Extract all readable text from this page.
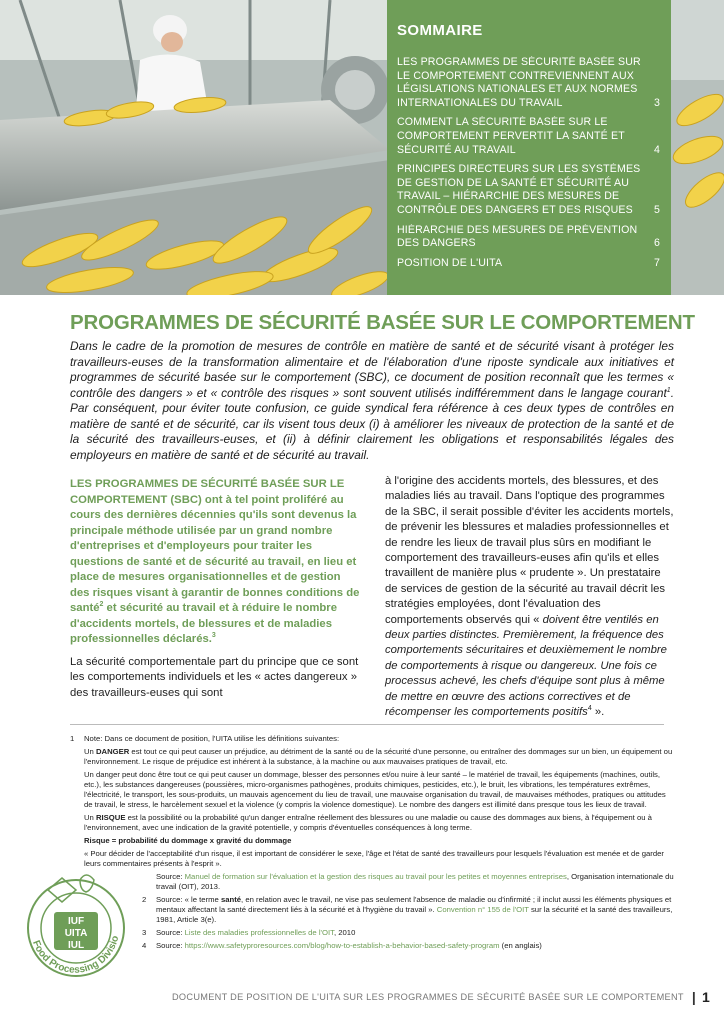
SOMMAIRE
LES PROGRAMMES DE SÉCURITÉ BASÉE SUR LE COMPORTEMENT CONTREVIENNENT AUX LÉGISLATIONS NATIONALES ET AUX NORMES INTERNATIONALES DU TRAVAIL	3
COMMENT LA SÉCURITÉ BASÉE SUR LE COMPORTEMENT PERVERTIT LA SANTÉ ET SÉCURITÉ AU TRAVAIL	4
PRINCIPES DIRECTEURS SUR LES SYSTÈMES DE GESTION DE LA SANTÉ ET SÉCURITÉ AU TRAVAIL – HIÉRARCHIE DES MESURES DE CONTRÔLE DES DANGERS ET DES RISQUES	5
HIÉRARCHIE DES MESURES DE PRÉVENTION DES DANGERS	6
POSITION DE L'UITA	7
PROGRAMMES DE SÉCURITÉ BASÉE SUR LE COMPORTEMENT

Dans le cadre de la promotion de mesures de contrôle en matière de santé et de sécurité visant à protéger les travailleurs-euses de la transformation alimentaire et de l'élaboration d'une riposte syndicale aux initiatives et programmes de sécurité basée sur le comportement (SBC), ce document de position reconnaît que les termes « contrôle des dangers » et « contrôle des risques » sont souvent utilisés indifféremment dans le langage courant$^1$. Par conséquent, pour éviter toute confusion, ce guide syndical fera référence à ces deux types de contrôles en matière de santé et de sécurité, car ils visent tous deux (i) à améliorer les niveaux de protection de la santé et de la sécurité des travailleurs-euses, et (ii) à définir clairement les obligations et responsabilités légales des employeurs en matière de santé et de sécurité au travail.

LES PROGRAMMES DE SÉCURITÉ BASÉE SUR LE COMPORTEMENT (SBC) ont à tel point proliféré au cours des dernières décennies qu'ils sont devenus la principale méthode utilisée par un grand nombre d'entreprises et d'employeurs pour traiter les questions de santé et de sécurité au travail, en lieu et place de mesures organisationnelles et de gestion des risques visant à garantir de bonnes conditions de santé$^2$ et sécurité au travail et à réduire le nombre d'accidents mortels, de blessures et de maladies professionnelles déclarés.$^3$

La sécurité comportementale part du principe que ce sont les comportements individuels et les « actes dangereux » des travailleurs-euses qui sont

à l'origine des accidents mortels, des blessures, et des maladies liés au travail. Dans l'optique des programmes de la SBC, il serait possible d'éviter les accidents mortels, de prévenir les blessures et maladies professionnelles et de rendre les lieux de travail plus sûrs en modifiant le comportement des travailleurs-euses afin qu'ils et elles travaillent de manière plus « prudente ». Un prestataire de services de gestion de la sécurité au travail décrit les stratégies employées, dont l'évaluation des comportements observés qui « doivent être ventilés en deux parties distinctes. Premièrement, la fréquence des comportements sécuritaires et deuxièmement le nombre de comportements à risque ou dangereux. Une fois ce processus achevé, les chefs d'équipe sont plus à même de mettre en œuvre des actions correctives et de récompenser les comportements positifs$^4$ ».

1	Note: Dans ce document de position, l'UITA utilise les définitions suivantes:
Un DANGER est tout ce qui peut causer un préjudice, au détriment de la santé ou de la sécurité d'une personne, ou entraîner des dommages sur un bien, un équipement ou l'environnement. Le risque de préjudice est inhérent à la substance, à la machine ou aux mauvaises pratiques de travail, etc.
Un danger peut donc être tout ce qui peut causer un dommage, blesser des personnes et/ou nuire à leur santé – le matériel de travail, les équipements (machines, outils, etc.), les substances dangereuses (poussières, micro-organismes pathogènes, produits chimiques, pesticides, etc.), le bruit, les vibrations, les températures extrêmes, l'électricité, le transport, les sous-produits, un mauvais agencement du lieu de travail, une mauvaise organisation du travail, de mauvaises méthodes, pratiques ou attitudes de travail, le stress, le harcèlement sexuel et la violence (y compris la violence domestique). Le nombre des dangers est illimité dans presque tous les lieux de travail.
Un RISQUE est la possibilité ou la probabilité qu'un danger entraîne réellement des blessures ou une maladie ou cause des dommages aux biens, à l'équipement ou à l'environnement, avec une indication de la gravité potentielle, y compris d'éventuelles conséquences à long terme.
Risque = probabilité du dommage x gravité du dommage
« Pour décider de l'acceptabilité d'un risque, il est important de considérer le sexe, l'âge et l'état de santé des travailleurs pour lesquels l'évaluation est menée et de garder leurs commentaires présents à l'esprit ».
Source: Manuel de formation sur l'évaluation et la gestion des risques au travail pour les petites et moyennes entreprises, Organisation internationale du travail (OIT), 2013.
2	Source: « le terme santé, en relation avec le travail, ne vise pas seulement l'absence de maladie ou d'infirmité ; il inclut aussi les éléments physiques et mentaux affectant la santé directement liés à la sécurité et à l'hygiène du travail ». Convention n° 155 de l'OIT sur la sécurité et la santé des travailleurs, 1981, Article 3(e).
3	Source: Liste des maladies professionnelles de l'OIT, 2010
4	Source: https://www.safetyproresources.com/blog/how-to-establish-a-behavior-based-safety-program (en anglais)
IUF
UITA
IUL
Food Processing Divisio
DOCUMENT DE POSITION DE L'UITA SUR LES PROGRAMMES DE SÉCURITÉ BASÉE SUR LE COMPORTEMENT | 1
